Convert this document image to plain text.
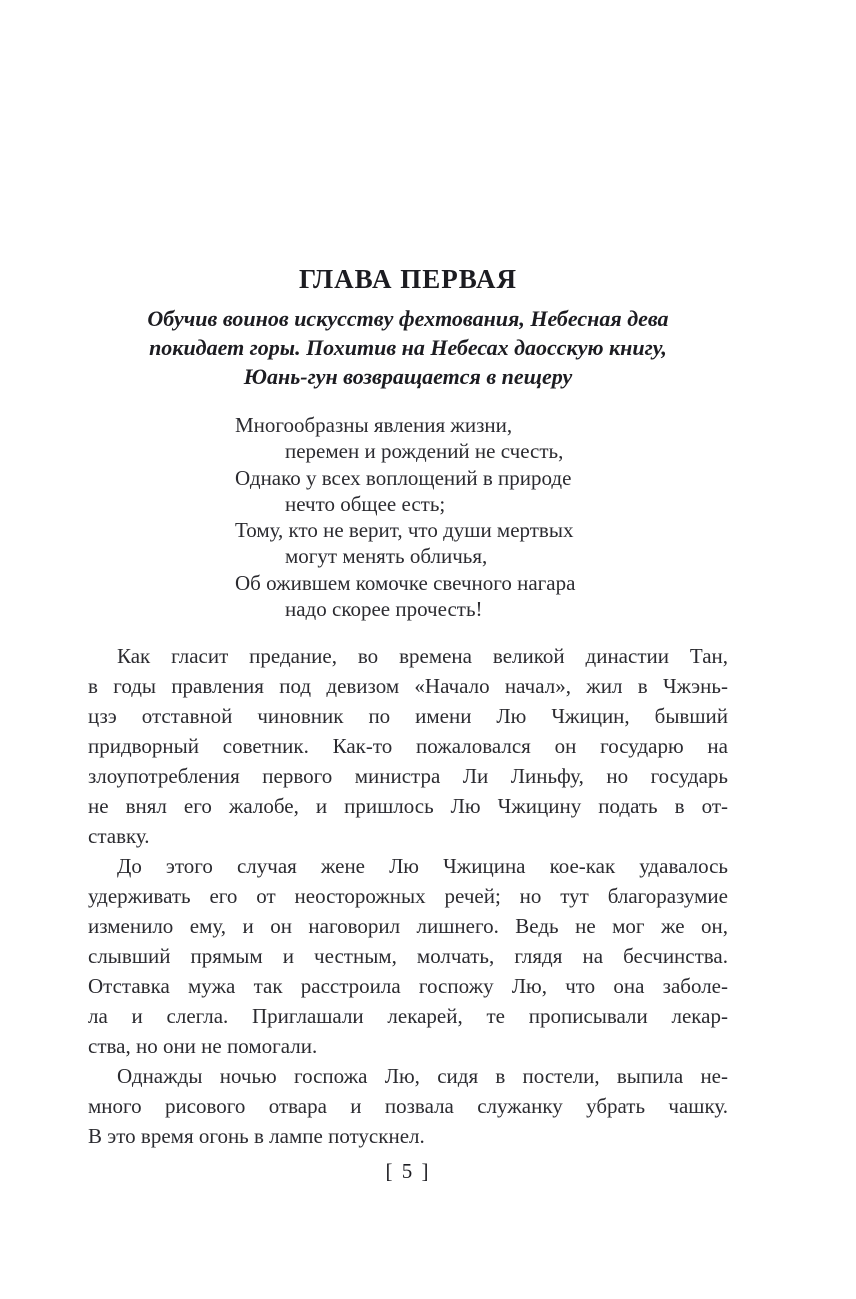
ГЛАВА ПЕРВАЯ
Обучив воинов искусству фехтования, Небесная дева
покидает горы. Похитив на Небесах даосскую книгу,
Юань-гун возвращается в пещеру
Многообразны явления жизни,
перемен и рождений не счесть,
Однако у всех воплощений в природе
нечто общее есть;
Тому, кто не верит, что души мертвых
могут менять обличья,
Об ожившем комочке свечного нагара
надо скорее прочесть!
Как гласит предание, во времена великой династии Тан,
в годы правления под девизом «Начало начал», жил в Чжэнь-
цзэ отставной чиновник по имени Лю Чжицин, бывший
придворный советник. Как-то пожаловался он государю на
злоупотребления первого министра Ли Линьфу, но государь
не внял его жалобе, и пришлось Лю Чжицину подать в от-
ставку.
До этого случая жене Лю Чжицина кое-как удавалось
удерживать его от неосторожных речей; но тут благоразумие
изменило ему, и он наговорил лишнего. Ведь не мог же он,
слывший прямым и честным, молчать, глядя на бесчинства.
Отставка мужа так расстроила госпожу Лю, что она заболе-
ла и слегла. Приглашали лекарей, те прописывали лекар-
ства, но они не помогали.
Однажды ночью госпожа Лю, сидя в постели, выпила не-
много рисового отвара и позвала служанку убрать чашку.
В это время огонь в лампе потускнел.
[ 5 ]
